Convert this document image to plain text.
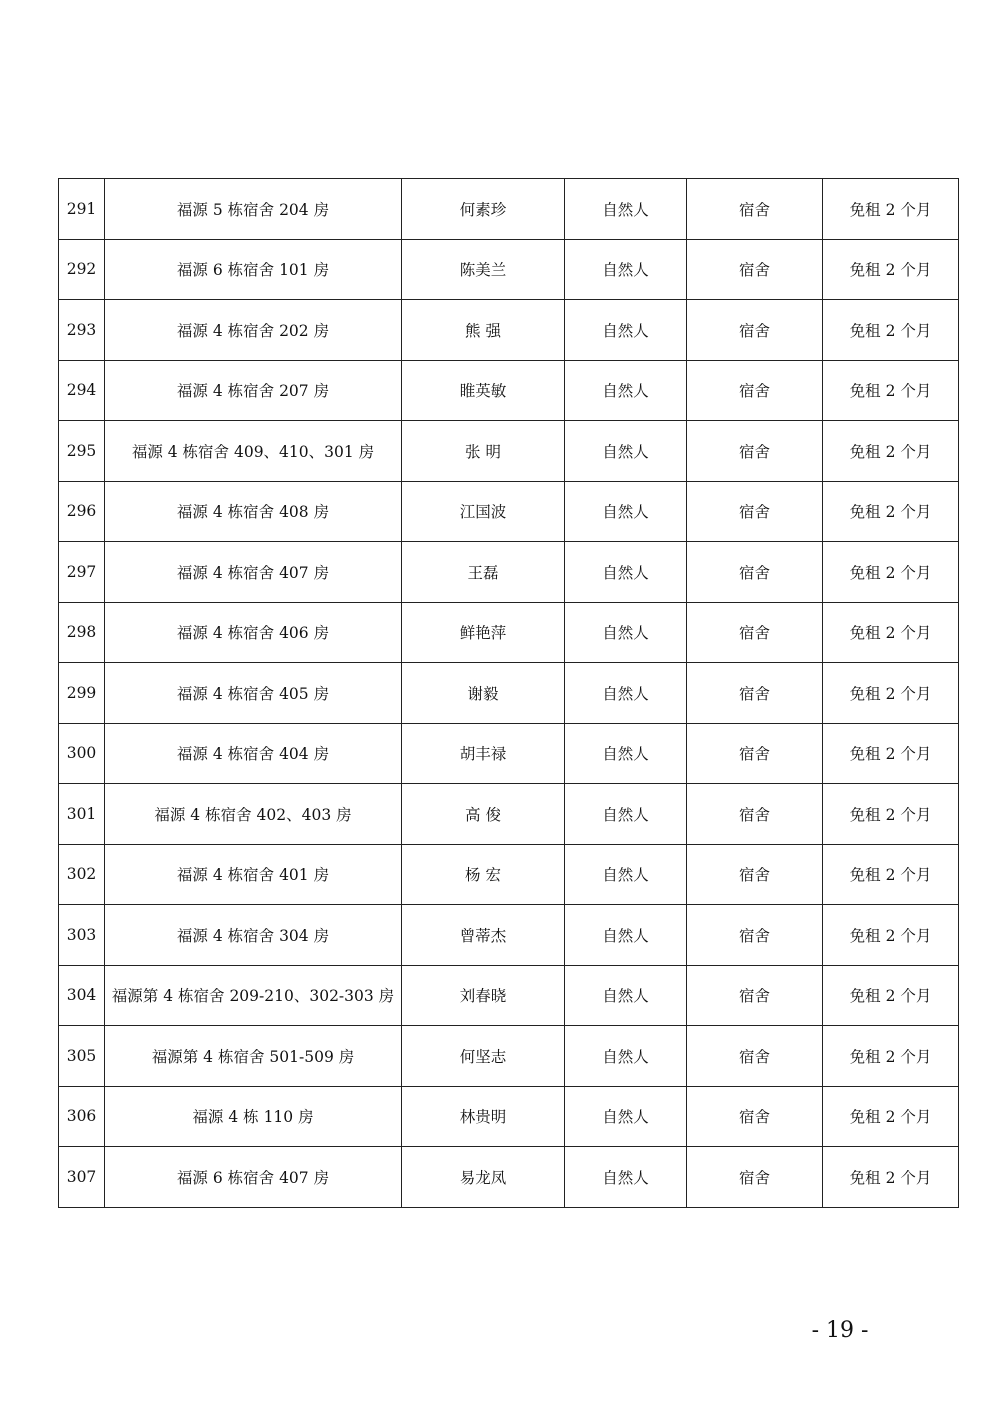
291	福源 5 栋宿舍 204 房	何素珍	自然人	宿舍	免租 2 个月
292	福源 6 栋宿舍 101 房	陈美兰	自然人	宿舍	免租 2 个月
293	福源 4 栋宿舍 202 房	熊 强	自然人	宿舍	免租 2 个月
294	福源 4 栋宿舍 207 房	睢英敏	自然人	宿舍	免租 2 个月
295	福源 4 栋宿舍 409、410、301 房	张 明	自然人	宿舍	免租 2 个月
296	福源 4 栋宿舍 408 房	江国波	自然人	宿舍	免租 2 个月
297	福源 4 栋宿舍 407 房	王磊	自然人	宿舍	免租 2 个月
298	福源 4 栋宿舍 406 房	鲜艳萍	自然人	宿舍	免租 2 个月
299	福源 4 栋宿舍 405 房	谢毅	自然人	宿舍	免租 2 个月
300	福源 4 栋宿舍 404 房	胡丰禄	自然人	宿舍	免租 2 个月
301	福源 4 栋宿舍 402、403 房	高 俊	自然人	宿舍	免租 2 个月
302	福源 4 栋宿舍 401 房	杨 宏	自然人	宿舍	免租 2 个月
303	福源 4 栋宿舍 304 房	曾蒂杰	自然人	宿舍	免租 2 个月
304	福源第 4 栋宿舍 209-210、302-303 房	刘春晓	自然人	宿舍	免租 2 个月
305	福源第 4 栋宿舍 501-509 房	何坚志	自然人	宿舍	免租 2 个月
306	福源 4 栋 110 房	林贵明	自然人	宿舍	免租 2 个月
307	福源 6 栋宿舍 407 房	易龙凤	自然人	宿舍	免租 2 个月
- 19 -
